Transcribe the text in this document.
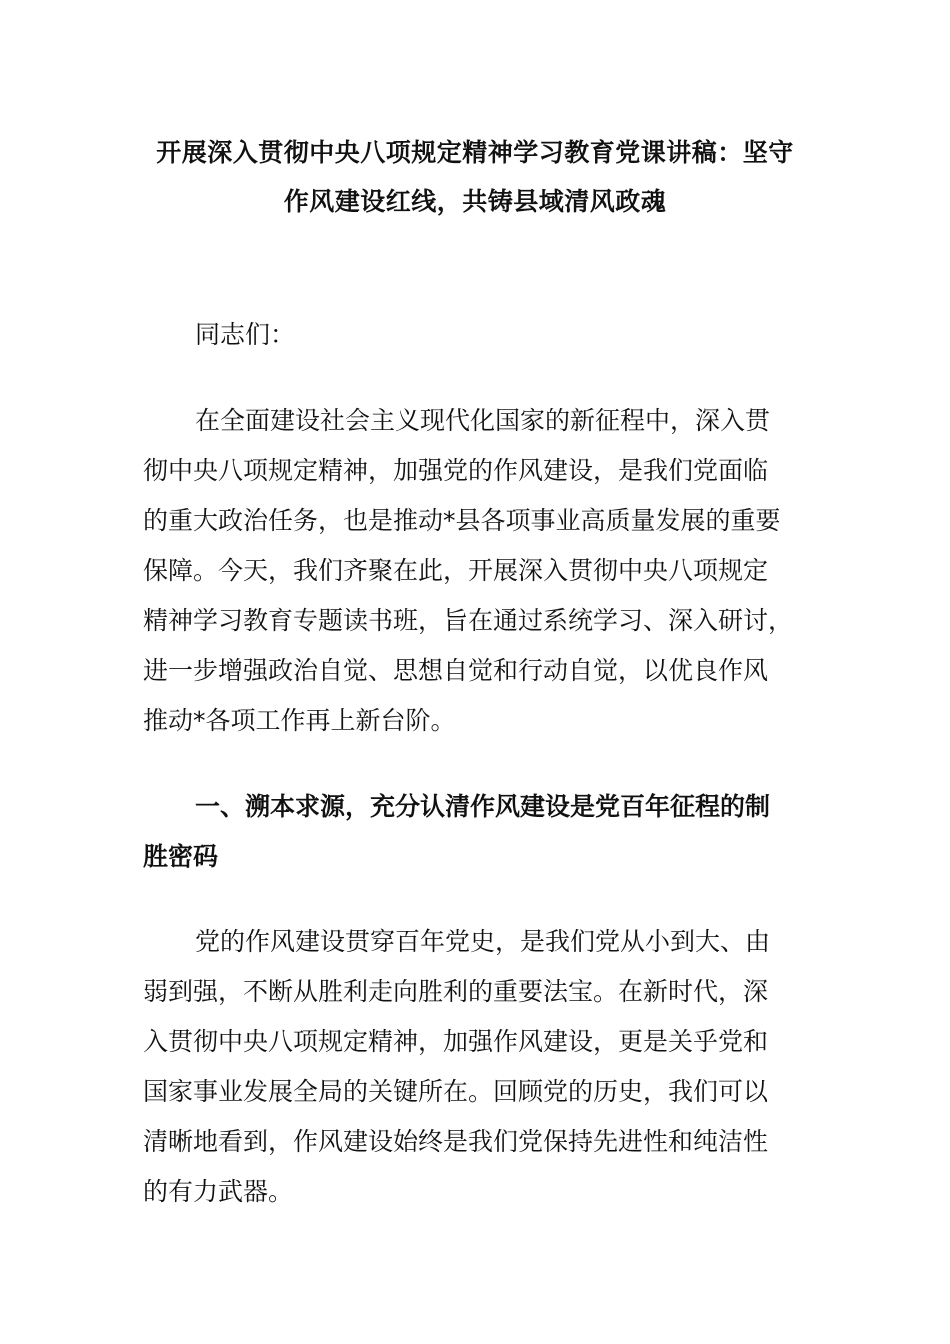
开展深入贯彻中央八项规定精神学习教育党课讲稿：坚守
作风建设红线，共铸县域清风政魂
同志们：
在全面建设社会主义现代化国家的新征程中，深入贯
彻中央八项规定精神，加强党的作风建设，是我们党面临
的重大政治任务，也是推动*县各项事业高质量发展的重要
保障。今天，我们齐聚在此，开展深入贯彻中央八项规定
精神学习教育专题读书班，旨在通过系统学习、深入研讨，
进一步增强政治自觉、思想自觉和行动自觉，以优良作风
推动*各项工作再上新台阶。
一、溯本求源，充分认清作风建设是党百年征程的制
胜密码
党的作风建设贯穿百年党史，是我们党从小到大、由
弱到强，不断从胜利走向胜利的重要法宝。在新时代，深
入贯彻中央八项规定精神，加强作风建设，更是关乎党和
国家事业发展全局的关键所在。回顾党的历史，我们可以
清晰地看到，作风建设始终是我们党保持先进性和纯洁性
的有力武器。
